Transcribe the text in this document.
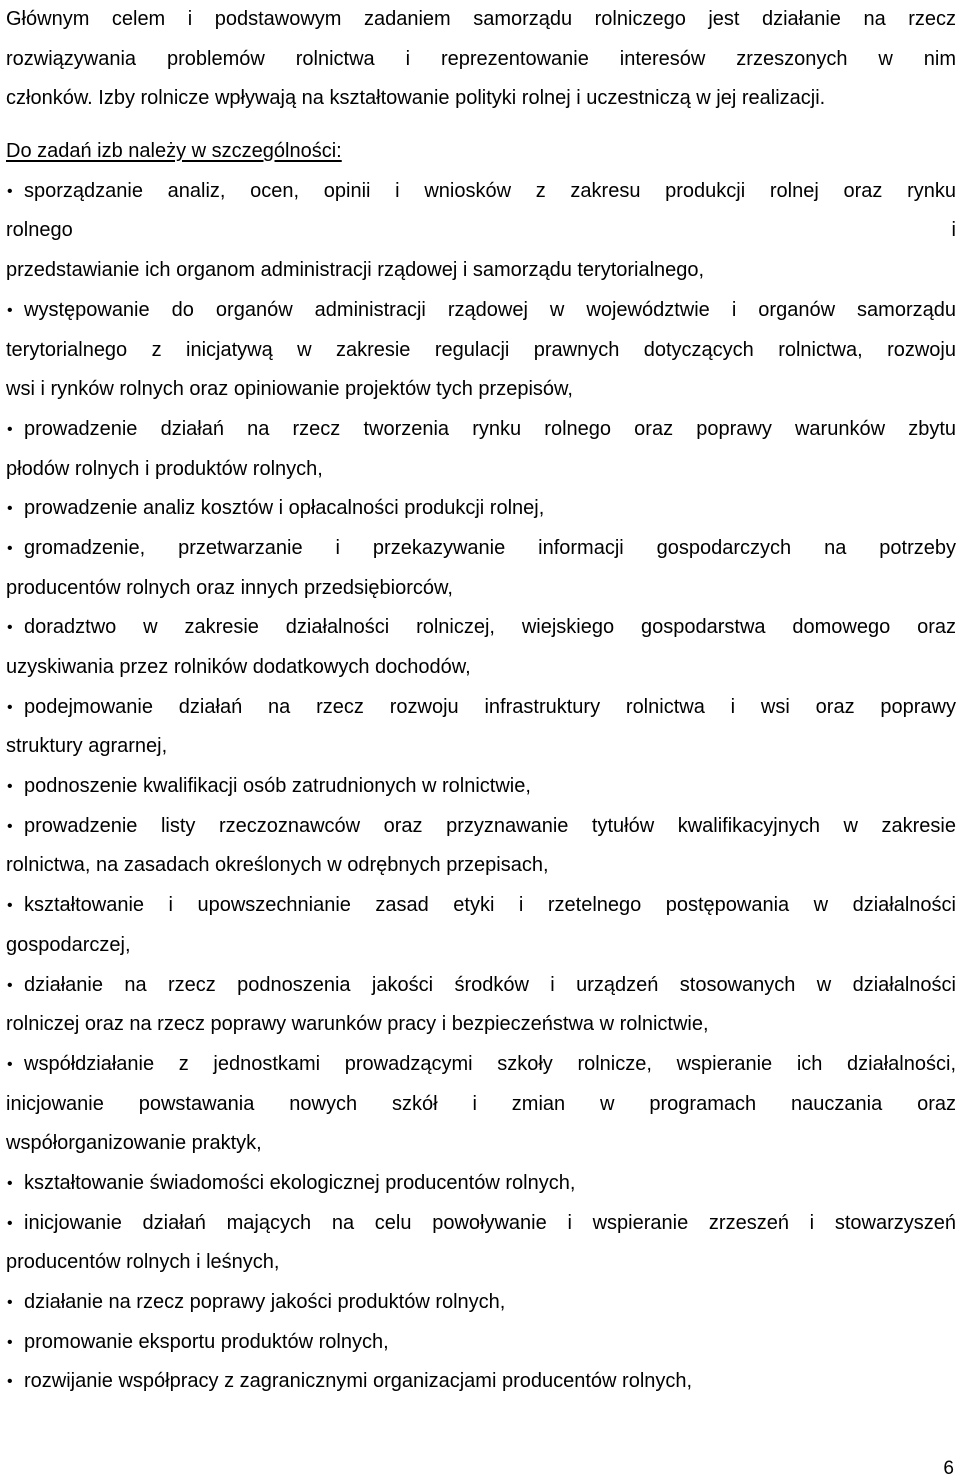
Głównym celem i podstawowym zadaniem samorządu rolniczego jest działanie na rzecz
rozwiązywania problemów rolnictwa i reprezentowanie interesów zrzeszonych w nim
członków. Izby rolnicze wpływają na kształtowanie polityki rolnej i uczestniczą w jej realizacji.
Do zadań izb należy w szczególności:
• sporządzanie analiz, ocen, opinii i wniosków z zakresu produkcji rolnej oraz rynku
rolnego i
przedstawianie ich organom administracji rządowej i samorządu terytorialnego,
• występowanie do organów administracji rządowej w województwie i organów samorządu
terytorialnego z inicjatywą w zakresie regulacji prawnych dotyczących rolnictwa, rozwoju
wsi i rynków rolnych oraz opiniowanie projektów tych przepisów,
• prowadzenie działań na rzecz tworzenia rynku rolnego oraz poprawy warunków zbytu
płodów rolnych i produktów rolnych,
• prowadzenie analiz kosztów i opłacalności produkcji rolnej,
• gromadzenie, przetwarzanie i przekazywanie informacji gospodarczych na potrzeby
producentów rolnych oraz innych przedsiębiorców,
• doradztwo w zakresie działalności rolniczej, wiejskiego gospodarstwa domowego oraz
uzyskiwania przez rolników dodatkowych dochodów,
• podejmowanie działań na rzecz rozwoju infrastruktury rolnictwa i wsi oraz poprawy
struktury agrarnej,
• podnoszenie kwalifikacji osób zatrudnionych w rolnictwie,
• prowadzenie listy rzeczoznawców oraz przyznawanie tytułów kwalifikacyjnych w zakresie
rolnictwa, na zasadach określonych w odrębnych przepisach,
• kształtowanie i upowszechnianie zasad etyki i rzetelnego postępowania w działalności
gospodarczej,
• działanie na rzecz podnoszenia jakości środków i urządzeń stosowanych w działalności
rolniczej oraz na rzecz poprawy warunków pracy i bezpieczeństwa w rolnictwie,
• współdziałanie z jednostkami prowadzącymi szkoły rolnicze, wspieranie ich działalności,
inicjowanie powstawania nowych szkół i zmian w programach nauczania oraz
współorganizowanie praktyk,
• kształtowanie świadomości ekologicznej producentów rolnych,
• inicjowanie działań mających na celu powoływanie i wspieranie zrzeszeń i stowarzyszeń
producentów rolnych i leśnych,
• działanie na rzecz poprawy jakości produktów rolnych,
• promowanie eksportu produktów rolnych,
• rozwijanie współpracy z zagranicznymi organizacjami producentów rolnych,
6
